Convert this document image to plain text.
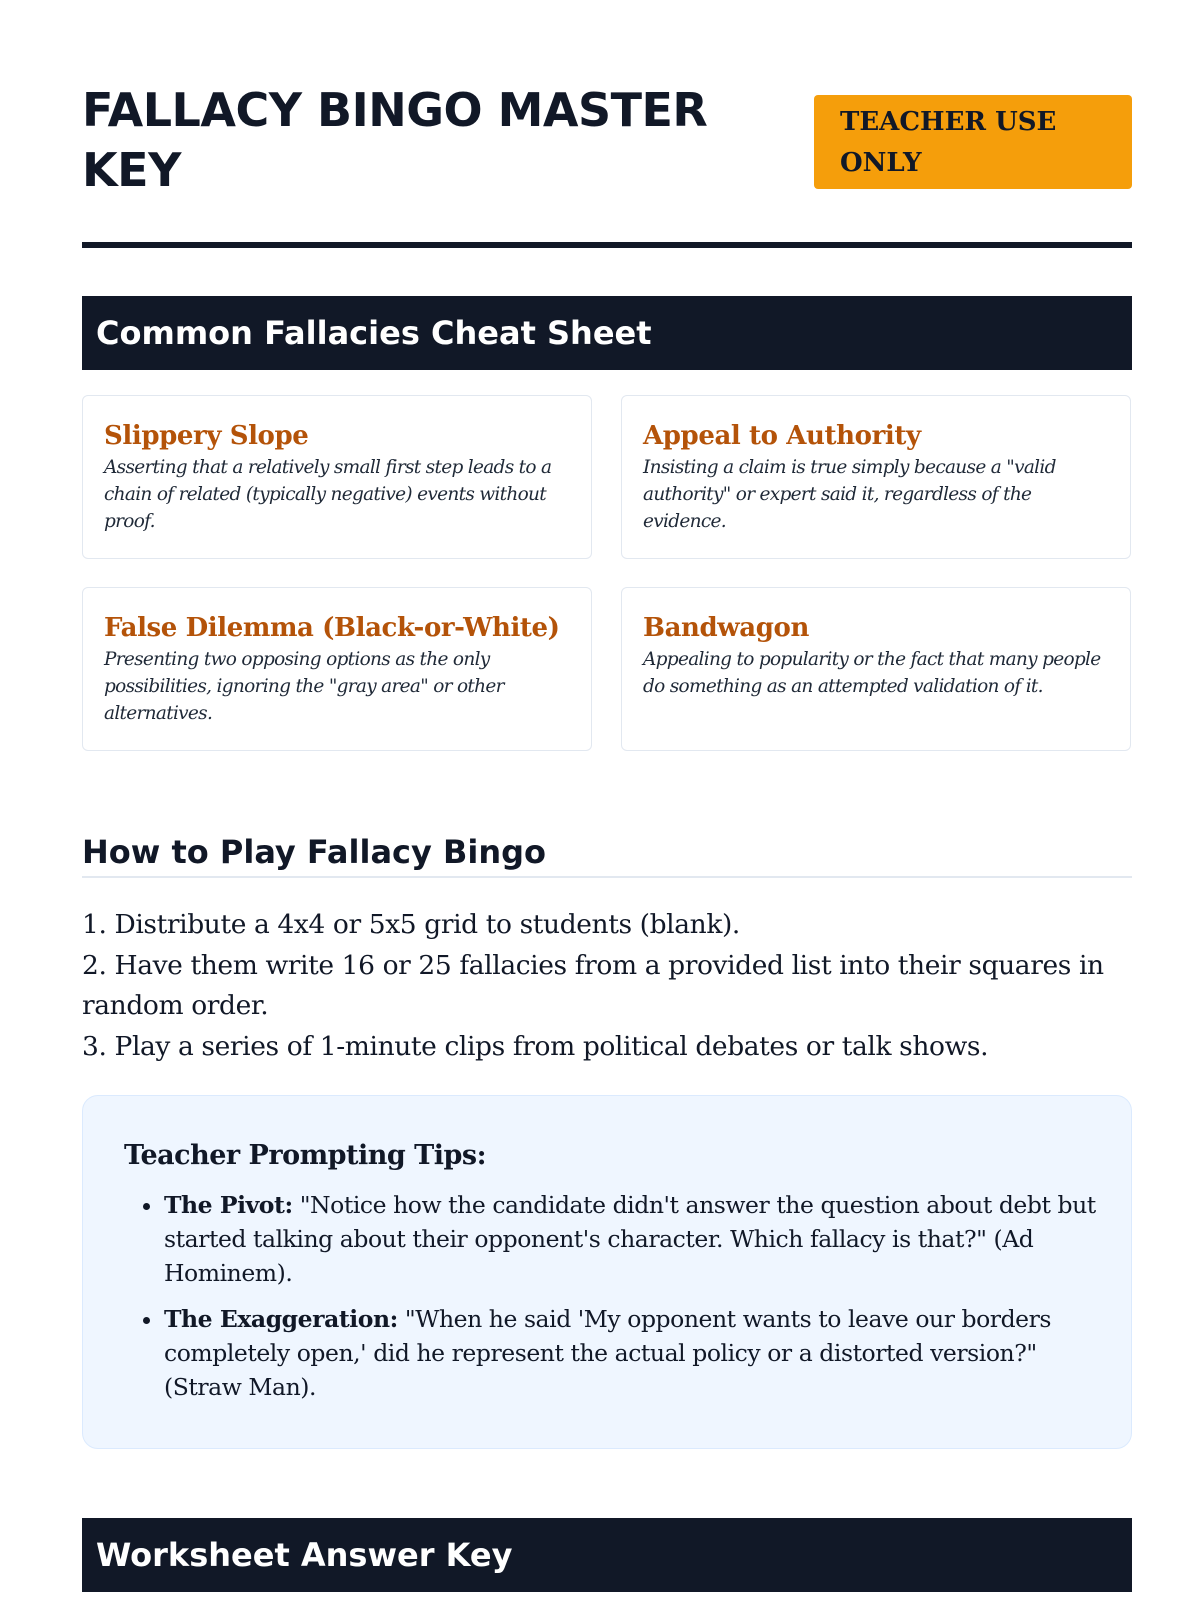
FALLACY BINGO MASTER KEY
TEACHER USE ONLY
Common Fallacies Cheat Sheet
Slippery Slope
Asserting that a relatively small first step leads to a chain of related (typically negative) events without proof.
Appeal to Authority
Insisting a claim is true simply because a "valid authority" or expert said it, regardless of the evidence.
False Dilemma (Black-or-White)
Presenting two opposing options as the only possibilities, ignoring the "gray area" or other alternatives.
Bandwagon
Appealing to popularity or the fact that many people do something as an attempted validation of it.
How to Play Fallacy Bingo

1. Distribute a 4x4 or 5x5 grid to students (blank).

2. Have them write 16 or 25 fallacies from a provided list into their squares in random order.

3. Play a series of 1-minute clips from political debates or talk shows.

Teacher Prompting Tips:
• The Pivot: "Notice how the candidate didn't answer the question about debt but started talking about their opponent's character. Which fallacy is that?" (Ad Hominem).
• The Exaggeration: "When he said 'My opponent wants to leave our borders completely open,' did he represent the actual policy or a distorted version?" (Straw Man).
Worksheet Answer Key
